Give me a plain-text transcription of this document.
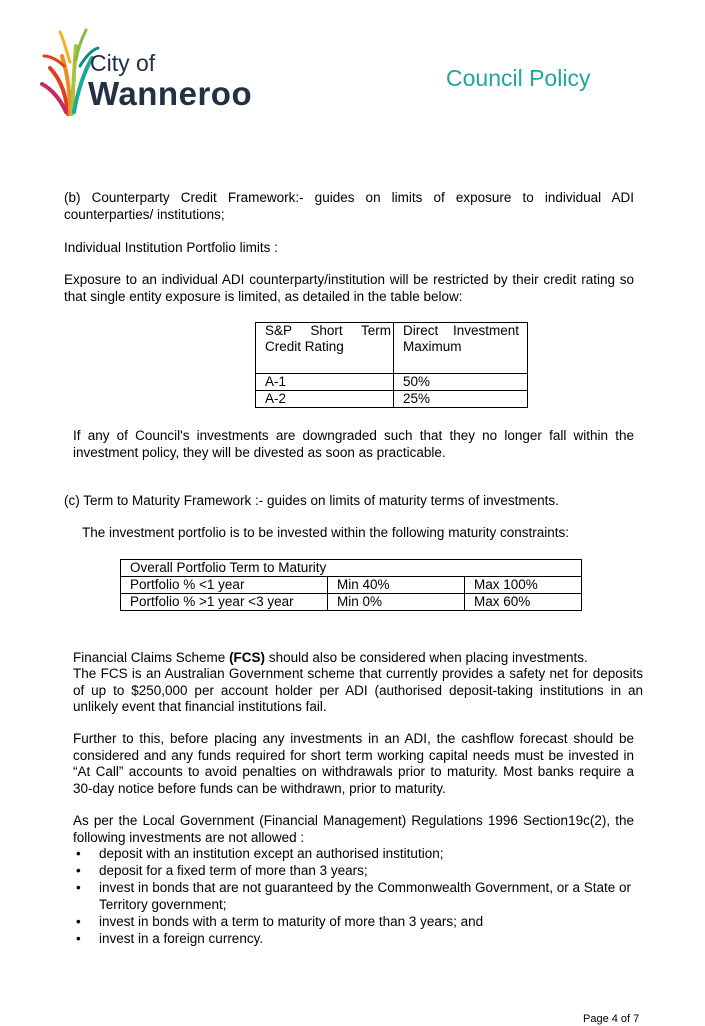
City of
Wanneroo	Council Policy

(b) Counterparty Credit Framework:- guides on limits of exposure to individual ADI counterparties/ institutions;

Individual Institution Portfolio limits :

Exposure to an individual ADI counterparty/institution will be restricted by their credit rating so that single entity exposure is limited, as detailed in the table below:

S&P Short Term Credit Rating	Direct Investment Maximum
A-1	50%
A-2	25%

If any of Council's investments are downgraded such that they no longer fall within the investment policy, they will be divested as soon as practicable.

(c) Term to Maturity Framework :- guides on limits of maturity terms of investments.

The investment portfolio is to be invested within the following maturity constraints:

Overall Portfolio Term to Maturity		
Portfolio % <1 year	Min 40%	Max 100%
Portfolio % >1 year <3 year	Min 0%	Max 60%

Financial Claims Scheme (FCS) should also be considered when placing investments.

The FCS is an Australian Government scheme that currently provides a safety net for deposits of up to $250,000 per account holder per ADI (authorised deposit-taking institutions in an unlikely event that financial institutions fail.

Further to this, before placing any investments in an ADI, the cashflow forecast should be considered and any funds required for short term working capital needs must be invested in “At Call” accounts to avoid penalties on withdrawals prior to maturity. Most banks require a 30-day notice before funds can be withdrawn, prior to maturity.

As per the Local Government (Financial Management) Regulations 1996 Section19c(2), the following investments are not allowed :

• deposit with an institution except an authorised institution;
• deposit for a fixed term of more than 3 years;
• invest in bonds that are not guaranteed by the Commonwealth Government, or a State or Territory government;
• invest in bonds with a term to maturity of more than 3 years; and
• invest in a foreign currency.
Page 4 of 7
